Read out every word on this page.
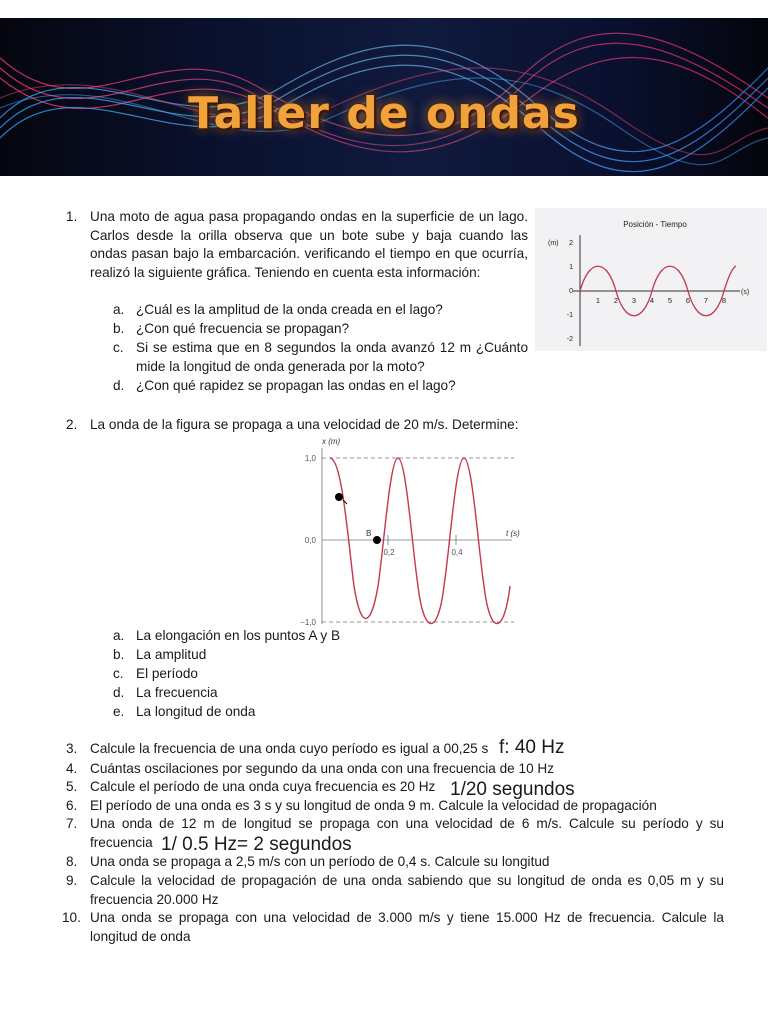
Taller de ondas
1. Una moto de agua pasa propagando ondas en la superficie de un lago. Carlos desde la orilla observa que un bote sube y baja cuando las ondas pasan bajo la embarcación. verificando el tiempo en que ocurría, realizó la siguiente gráfica. Teniendo en cuenta esta información:
a. ¿Cuál es la amplitud de la onda creada en el lago?
b. ¿Con qué frecuencia se propagan?
c. Si se estima que en 8 segundos la onda avanzó 12 m ¿Cuánto mide la longitud de onda generada por la moto?
d. ¿Con qué rapidez se propagan las ondas en el lago?
Posición - Tiempo
(m)
(s)
2
1
0
-1
-2
1 2 3 4 5 6 7 8
2. La onda de la figura se propaga a una velocidad de 20 m/s. Determine:
x (m)
t (s)
1,0
0,0
−1,0
0,2	0,4
B
a. La elongación en los puntos A y B
b. La amplitud
c. El período
d. La frecuencia
e. La longitud de onda
3. Calcule la frecuencia de una onda cuyo período es igual a 00,25 s f: 40 Hz
4. Cuántas oscilaciones por segundo da una onda con una frecuencia de 10 Hz
5. Calcule el período de una onda cuya frecuencia es 20 Hz 1/20 segundos
6. El período de una onda es 3 s y su longitud de onda 9 m. Calcule la velocidad de propagación
7. Una onda de 12 m de longitud se propaga con una velocidad de 6 m/s. Calcule su período y su
frecuencia 1/ 0.5 Hz= 2 segundos
8. Una onda se propaga a 2,5 m/s con un período de 0,4 s. Calcule su longitud
9. Calcule la velocidad de propagación de una onda sabiendo que su longitud de onda es 0,05 m y su
frecuencia 20.000 Hz
10. Una onda se propaga con una velocidad de 3.000 m/s y tiene 15.000 Hz de frecuencia. Calcule la
longitud de onda
